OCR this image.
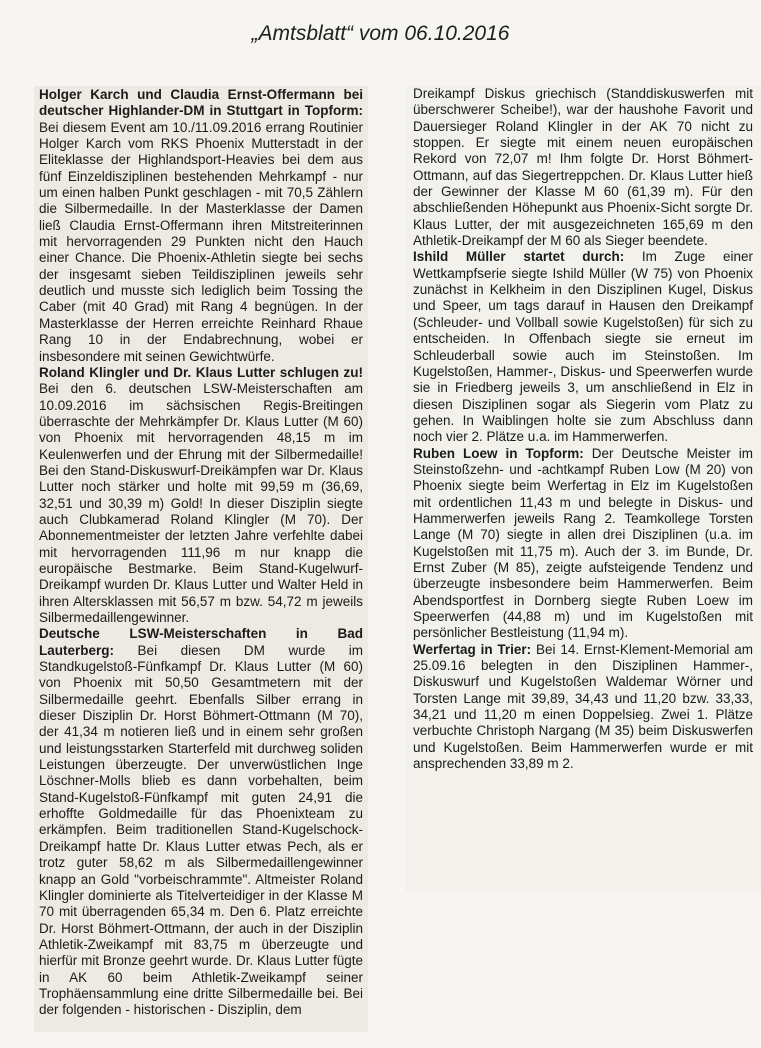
„Amtsblatt“ vom 06.10.2016

Holger Karch und Claudia Ernst-Offermann bei deutscher Highlander-DM in Stuttgart in Topform: Bei diesem Event am 10./11.09.2016 errang Routinier Holger Karch vom RKS Phoenix Mutterstadt in der Eliteklasse der Highlandsport-Heavies bei dem aus fünf Einzeldisziplinen bestehenden Mehrkampf - nur um einen halben Punkt geschlagen - mit 70,5 Zählern die Silbermedaille. In der Masterklasse der Damen ließ Claudia Ernst-Offermann ihren Mitstreiterinnen mit hervorragenden 29 Punkten nicht den Hauch einer Chance. Die Phoenix-Athletin siegte bei sechs der insgesamt sieben Teildisziplinen jeweils sehr deutlich und musste sich lediglich beim Tossing the Caber (mit 40 Grad) mit Rang 4 begnügen. In der Masterklasse der Herren erreichte Reinhard Rhaue Rang 10 in der Endabrechnung, wobei er insbesondere mit seinen Gewichtwürfe.

Roland Klingler und Dr. Klaus Lutter schlugen zu! Bei den 6. deutschen LSW-Meisterschaften am 10.09.2016 im sächsischen Regis-Breitingen überraschte der Mehrkämpfer Dr. Klaus Lutter (M 60) von Phoenix mit hervorragenden 48,15 m im Keulenwerfen und der Ehrung mit der Silbermedaille! Bei den Stand-Diskuswurf-Dreikämpfen war Dr. Klaus Lutter noch stärker und holte mit 99,59 m (36,69, 32,51 und 30,39 m) Gold! In dieser Disziplin siegte auch Clubkamerad Roland Klingler (M 70). Der Abonnementmeister der letzten Jahre verfehlte dabei mit hervorragenden 111,96 m nur knapp die europäische Bestmarke. Beim Stand-Kugelwurf-Dreikampf wurden Dr. Klaus Lutter und Walter Held in ihren Altersklassen mit 56,57 m bzw. 54,72 m jeweils Silbermedaillengewinner.

Deutsche LSW-Meisterschaften in Bad Lauterberg: Bei diesen DM wurde im Standkugelstoß-Fünfkampf Dr. Klaus Lutter (M 60) von Phoenix mit 50,50 Gesamtmetern mit der Silbermedaille geehrt. Ebenfalls Silber errang in dieser Disziplin Dr. Horst Böhmert-Ottmann (M 70), der 41,34 m notieren ließ und in einem sehr großen und leistungsstarken Starterfeld mit durchweg soliden Leistungen überzeugte. Der unverwüstlichen Inge Löschner-Molls blieb es dann vorbehalten, beim Stand-Kugelstoß-Fünfkampf mit guten 24,91 die erhoffte Goldmedaille für das Phoenixteam zu erkämpfen. Beim traditionellen Stand-Kugelschock-Dreikampf hatte Dr. Klaus Lutter etwas Pech, als er trotz guter 58,62 m als Silbermedaillengewinner knapp an Gold "vorbeischrammte". Altmeister Roland Klingler dominierte als Titelverteidiger in der Klasse M 70 mit überragenden 65,34 m. Den 6. Platz erreichte Dr. Horst Böhmert-Ottmann, der auch in der Disziplin Athletik-Zweikampf mit 83,75 m überzeugte und hierfür mit Bronze geehrt wurde. Dr. Klaus Lutter fügte in AK 60 beim Athletik-Zweikampf seiner Trophäensammlung eine dritte Silbermedaille bei. Bei der folgenden - historischen - Disziplin, dem

Dreikampf Diskus griechisch (Standdiskuswerfen mit überschwerer Scheibe!), war der haushohe Favorit und Dauersieger Roland Klingler in der AK 70 nicht zu stoppen. Er siegte mit einem neuen europäischen Rekord von 72,07 m! Ihm folgte Dr. Horst Böhmert-Ottmann, auf das Siegertreppchen. Dr. Klaus Lutter hieß der Gewinner der Klasse M 60 (61,39 m). Für den abschließenden Höhepunkt aus Phoenix-Sicht sorgte Dr. Klaus Lutter, der mit ausgezeichneten 165,69 m den Athletik-Dreikampf der M 60 als Sieger beendete.

Ishild Müller startet durch: Im Zuge einer Wettkampfserie siegte Ishild Müller (W 75) von Phoenix zunächst in Kelkheim in den Disziplinen Kugel, Diskus und Speer, um tags darauf in Hausen den Dreikampf (Schleuder- und Vollball sowie Kugelstoßen) für sich zu entscheiden. In Offenbach siegte sie erneut im Schleuderball sowie auch im Steinstoßen. Im Kugelstoßen, Hammer-, Diskus- und Speerwerfen wurde sie in Friedberg jeweils 3, um anschließend in Elz in diesen Disziplinen sogar als Siegerin vom Platz zu gehen. In Waiblingen holte sie zum Abschluss dann noch vier 2. Plätze u.a. im Hammerwerfen.

Ruben Loew in Topform: Der Deutsche Meister im Steinstoßzehn- und -achtkampf Ruben Low (M 20) von Phoenix siegte beim Werfertag in Elz im Kugelstoßen mit ordentlichen 11,43 m und belegte in Diskus- und Hammerwerfen jeweils Rang 2. Teamkollege Torsten Lange (M 70) siegte in allen drei Disziplinen (u.a. im Kugelstoßen mit 11,75 m). Auch der 3. im Bunde, Dr. Ernst Zuber (M 85), zeigte aufsteigende Tendenz und überzeugte insbesondere beim Hammerwerfen. Beim Abendsportfest in Dornberg siegte Ruben Loew im Speerwerfen (44,88 m) und im Kugelstoßen mit persönlicher Bestleistung (11,94 m).

Werfertag in Trier: Bei 14. Ernst-Klement-Memorial am 25.09.16 belegten in den Disziplinen Hammer-, Diskuswurf und Kugelstoßen Waldemar Wörner und Torsten Lange mit 39,89, 34,43 und 11,20 bzw. 33,33, 34,21 und 11,20 m einen Doppelsieg. Zwei 1. Plätze verbuchte Christoph Nargang (M 35) beim Diskuswerfen und Kugelstoßen. Beim Hammerwerfen wurde er mit ansprechenden 33,89 m 2.
